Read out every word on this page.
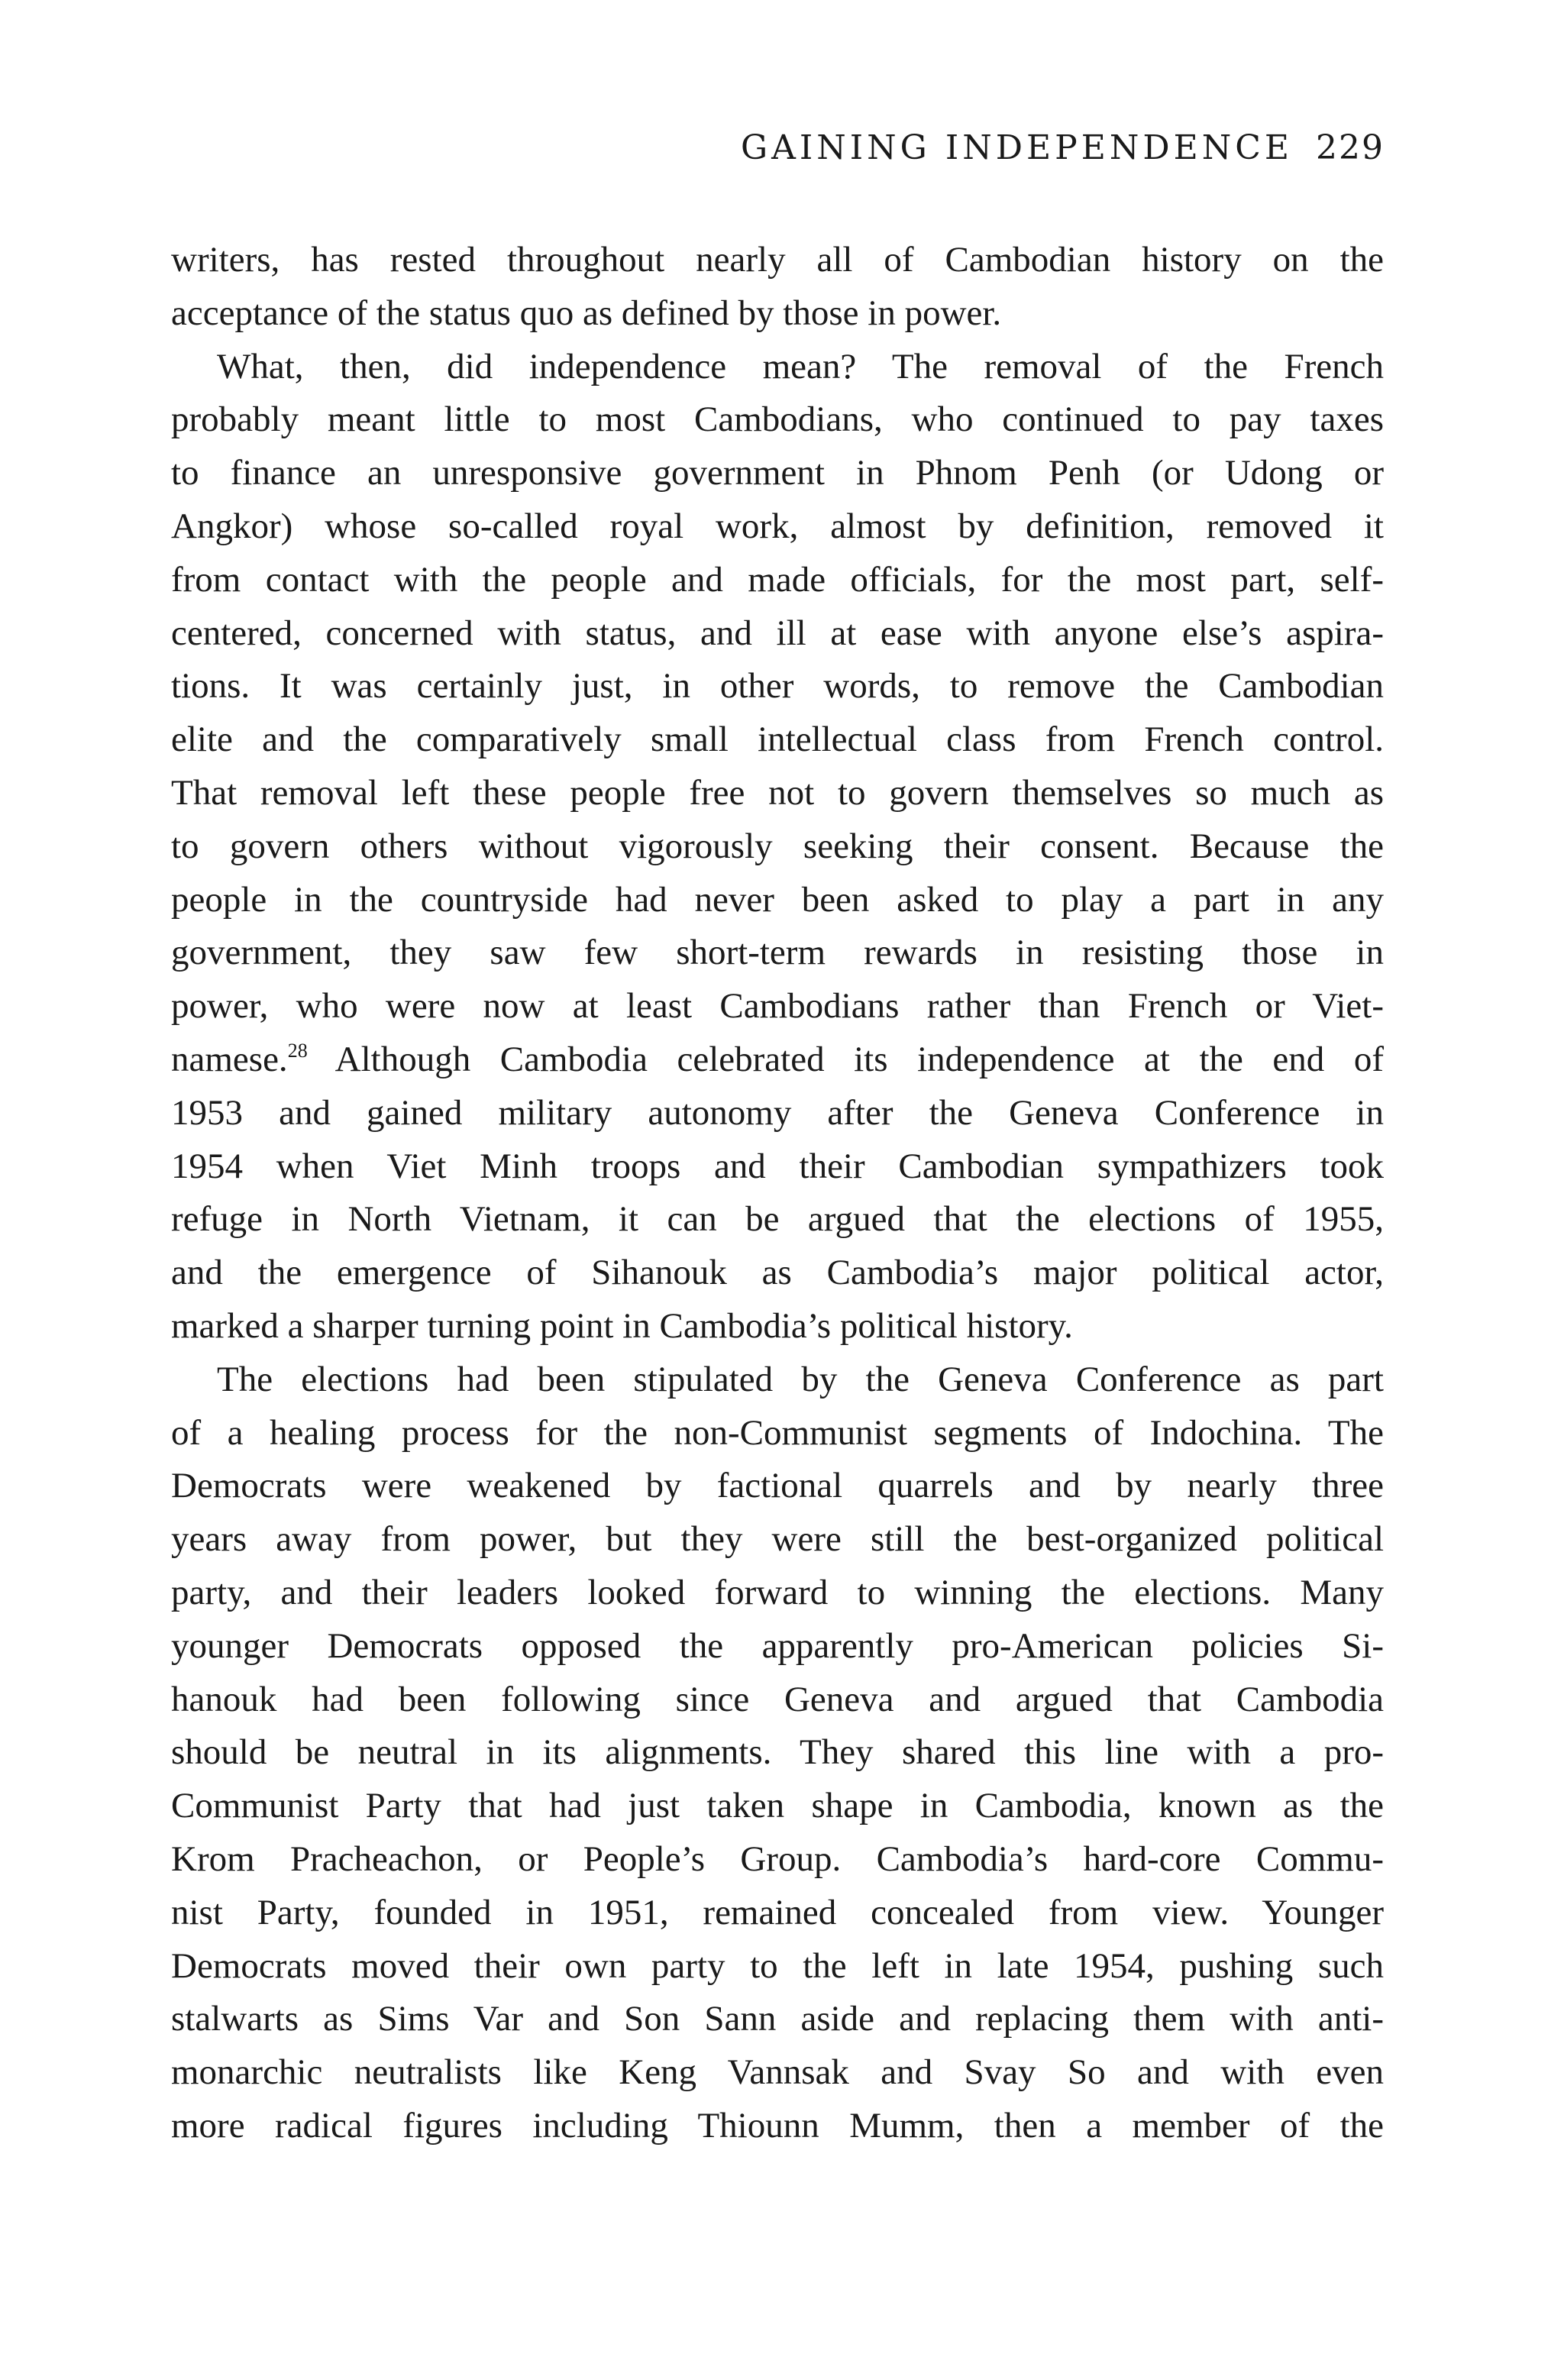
GAINING INDEPENDENCE 229
writers, has rested throughout nearly all of Cambodian history on the
acceptance of the status quo as defined by those in power.
What, then, did independence mean? The removal of the French
probably meant little to most Cambodians, who continued to pay taxes
to finance an unresponsive government in Phnom Penh (or Udong or
Angkor) whose so-called royal work, almost by definition, removed it
from contact with the people and made officials, for the most part, self-
centered, concerned with status, and ill at ease with anyone else’s aspira-
tions. It was certainly just, in other words, to remove the Cambodian
elite and the comparatively small intellectual class from French control.
That removal left these people free not to govern themselves so much as
to govern others without vigorously seeking their consent. Because the
people in the countryside had never been asked to play a part in any
government, they saw few short-term rewards in resisting those in
power, who were now at least Cambodians rather than French or Viet-
namese.$^{28}$ Although Cambodia celebrated its independence at the end of
1953 and gained military autonomy after the Geneva Conference in
1954 when Viet Minh troops and their Cambodian sympathizers took
refuge in North Vietnam, it can be argued that the elections of 1955,
and the emergence of Sihanouk as Cambodia’s major political actor,
marked a sharper turning point in Cambodia’s political history.
The elections had been stipulated by the Geneva Conference as part
of a healing process for the non-Communist segments of Indochina. The
Democrats were weakened by factional quarrels and by nearly three
years away from power, but they were still the best-organized political
party, and their leaders looked forward to winning the elections. Many
younger Democrats opposed the apparently pro-American policies Si-
hanouk had been following since Geneva and argued that Cambodia
should be neutral in its alignments. They shared this line with a pro-
Communist Party that had just taken shape in Cambodia, known as the
Krom Pracheachon, or People’s Group. Cambodia’s hard-core Commu-
nist Party, founded in 1951, remained concealed from view. Younger
Democrats moved their own party to the left in late 1954, pushing such
stalwarts as Sims Var and Son Sann aside and replacing them with anti-
monarchic neutralists like Keng Vannsak and Svay So and with even
more radical figures including Thiounn Mumm, then a member of the
